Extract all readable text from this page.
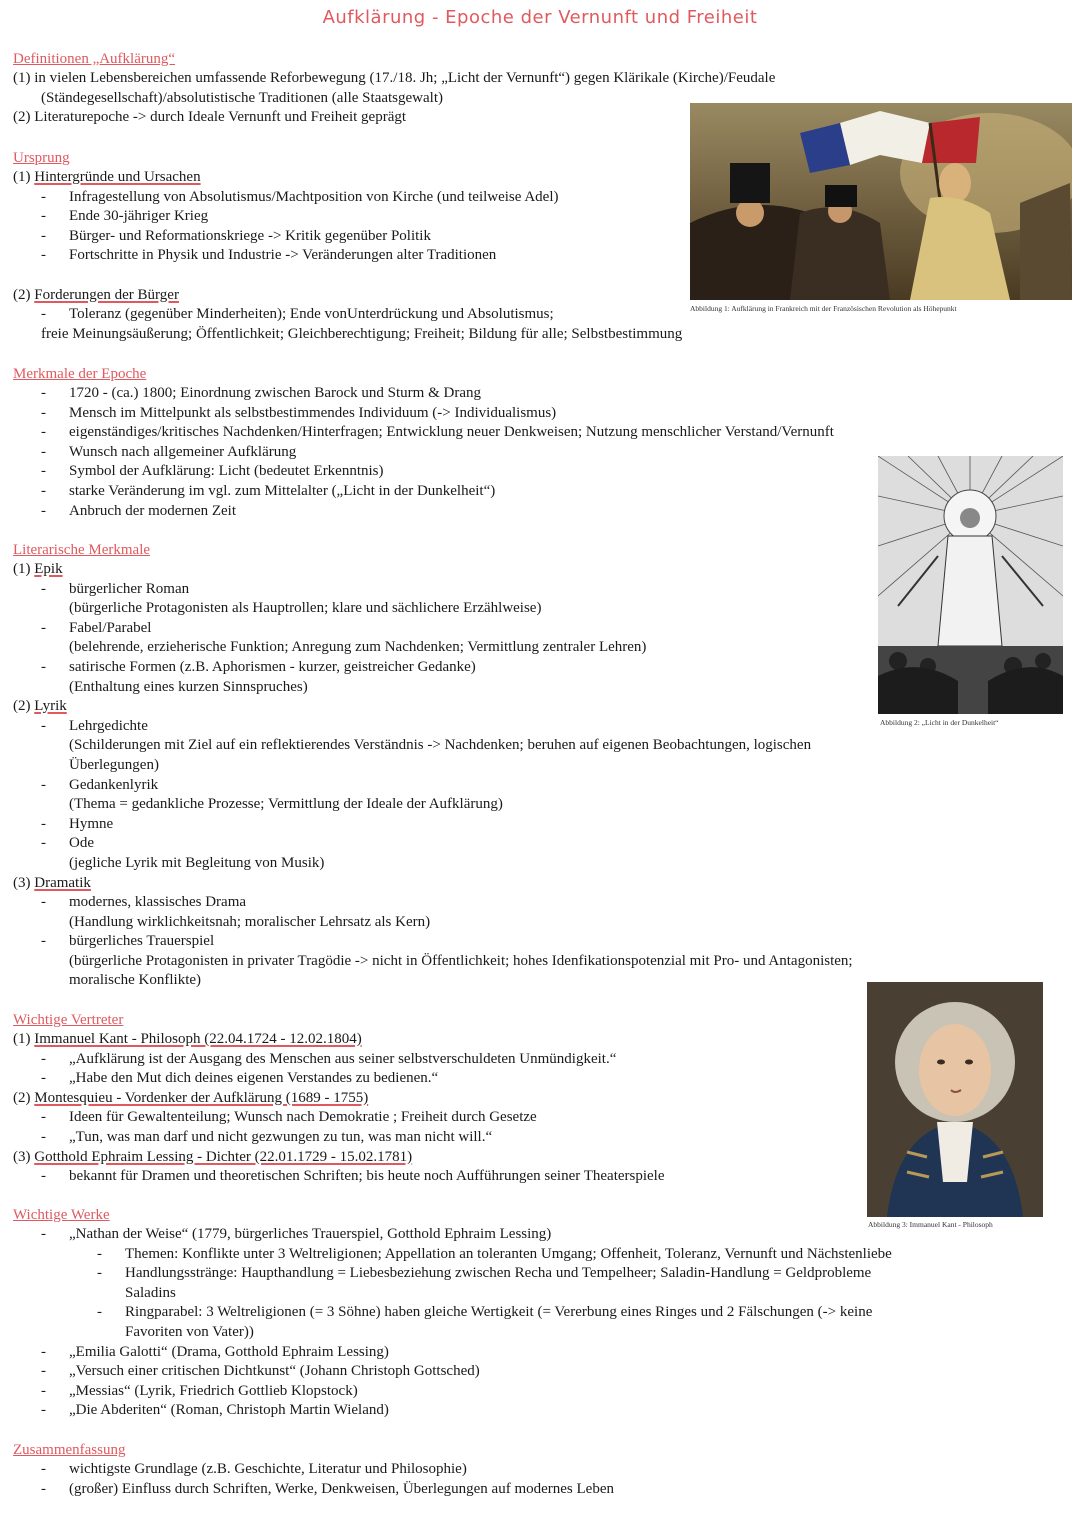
Aufklärung - Epoche der Vernunft und Freiheit
Definitionen „Aufklärung“
(1) in vielen Lebensbereichen umfassende Reforbewegung (17./18. Jh; „Licht der Vernunft“) gegen Klärikale (Kirche)/Feudale
(Ständegesellschaft)/absolutistische Traditionen (alle Staatsgewalt)
(2) Literaturepoche -> durch Ideale Vernunft und Freiheit geprägt
Ursprung
(1) Hintergründe und Ursachen
- Infragestellung von Absolutismus/Machtposition von Kirche (und teilweise Adel)
- Ende 30-jähriger Krieg
- Bürger- und Reformationskriege -> Kritik gegenüber Politik
- Fortschritte in Physik und Industrie -> Veränderungen alter Traditionen

(2) Forderungen der Bürger
- Toleranz (gegenüber Minderheiten); Ende vonUnterdrückung und Absolutismus;
freie Meinungsäußerung; Öffentlichkeit; Gleichberechtigung; Freiheit; Bildung für alle; Selbstbestimmung
Merkmale der Epoche
- 1720 - (ca.) 1800; Einordnung zwischen Barock und Sturm & Drang
- Mensch im Mittelpunkt als selbstbestimmendes Individuum (-> Individualismus)
- eigenständiges/kritisches Nachdenken/Hinterfragen; Entwicklung neuer Denkweisen; Nutzung menschlicher Verstand/Vernunft
- Wunsch nach allgemeiner Aufklärung
- Symbol der Aufklärung: Licht (bedeutet Erkenntnis)
- starke Veränderung im vgl. zum Mittelalter („Licht in der Dunkelheit“)
- Anbruch der modernen Zeit
Literarische Merkmale
(1) Epik
- bürgerlicher Roman
(bürgerliche Protagonisten als Hauptrollen; klare und sächlichere Erzählweise)
- Fabel/Parabel
(belehrende, erzieherische Funktion; Anregung zum Nachdenken; Vermittlung zentraler Lehren)
- satirische Formen (z.B. Aphorismen - kurzer, geistreicher Gedanke)
(Enthaltung eines kurzen Sinnspruches)
(2) Lyrik
- Lehrgedichte
(Schilderungen mit Ziel auf ein reflektierendes Verständnis -> Nachdenken; beruhen auf eigenen Beobachtungen, logischen
Überlegungen)
- Gedankenlyrik
(Thema = gedankliche Prozesse; Vermittlung der Ideale der Aufklärung)
- Hymne
- Ode
(jegliche Lyrik mit Begleitung von Musik)
(3) Dramatik
- modernes, klassisches Drama
(Handlung wirklichkeitsnah; moralischer Lehrsatz als Kern)
- bürgerliches Trauerspiel
(bürgerliche Protagonisten in privater Tragödie -> nicht in Öffentlichkeit; hohes Idenfikationspotenzial mit Pro- und Antagonisten;
moralische Konflikte)
Wichtige Vertreter
(1) Immanuel Kant - Philosoph (22.04.1724 - 12.02.1804)
- „Aufklärung ist der Ausgang des Menschen aus seiner selbstverschuldeten Unmündigkeit.“
- „Habe den Mut dich deines eigenen Verstandes zu bedienen.“
(2) Montesquieu - Vordenker der Aufklärung (1689 - 1755)
- Ideen für Gewaltenteilung; Wunsch nach Demokratie ; Freiheit durch Gesetze
- „Tun, was man darf und nicht gezwungen zu tun, was man nicht will.“
(3) Gotthold Ephraim Lessing - Dichter (22.01.1729 - 15.02.1781)
- bekannt für Dramen und theoretischen Schriften; bis heute noch Aufführungen seiner Theaterspiele
Wichtige Werke
- „Nathan der Weise“ (1779, bürgerliches Trauerspiel, Gotthold Ephraim Lessing)
- Themen: Konflikte unter 3 Weltreligionen; Appellation an toleranten Umgang; Offenheit, Toleranz, Vernunft und Nächstenliebe
- Handlungsstränge: Haupthandlung = Liebesbeziehung zwischen Recha und Tempelheer; Saladin-Handlung = Geldprobleme
Saladins
- Ringparabel: 3 Weltreligionen (= 3 Söhne) haben gleiche Wertigkeit (= Vererbung eines Ringes und 2 Fälschungen (-> keine
Favoriten von Vater))
- „Emilia Galotti“ (Drama, Gotthold Ephraim Lessing)
- „Versuch einer critischen Dichtkunst“ (Johann Christoph Gottsched)
- „Messias“ (Lyrik, Friedrich Gottlieb Klopstock)
- „Die Abderiten“ (Roman, Christoph Martin Wieland)
Zusammenfassung
- wichtigste Grundlage (z.B. Geschichte, Literatur und Philosophie)
- (großer) Einfluss durch Schriften, Werke, Denkweisen, Überlegungen auf modernes Leben
Abbildung 1: Aufklärung in Frankreich mit der Französischen Revolution als Höhepunkt
Abbildung 2: „Licht in der Dunkelheit“
Abbildung 3: Immanuel Kant - Philosoph
